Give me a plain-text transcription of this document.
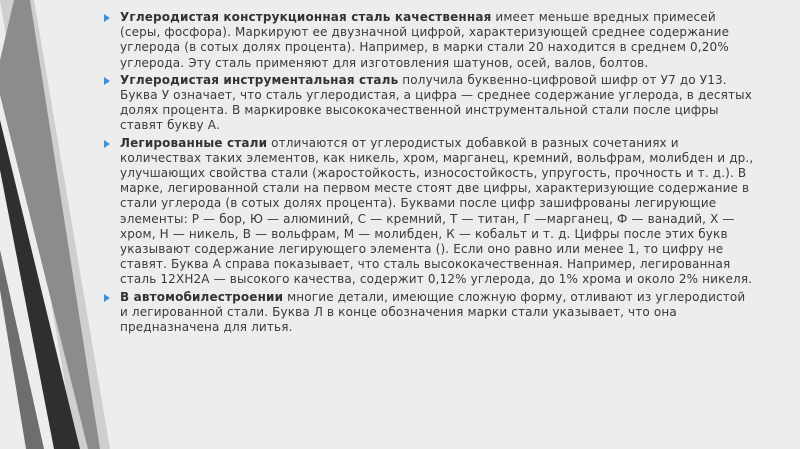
Углеродистая конструкционная сталь качественная имеет меньше вредных примесей (серы, фосфора). Маркируют ее двузначной цифрой, характеризующей среднее содержание углерода (в сотых долях процента). Например, в марки стали 20 находится в среднем 0,20% углерода. Эту сталь применяют для изготовления шатунов, осей, валов, болтов.
Углеродистая инструментальная сталь получила буквенно-цифровой шифр от У7 до У13. Буква У означает, что сталь углеродистая, а цифра — среднее содержание углерода, в десятых долях процента. В маркировке высококачественной инструментальной стали после цифры ставят букву А.
Легированные стали отличаются от углеродистых добавкой в разных сочетаниях и количествах таких элементов, как никель, хром, марганец, кремний, вольфрам, молибден и др., улучшающих свойства стали (жаростойкость, износостойкость, упругость, прочность и т. д.). В марке, легированной стали на первом месте стоят две цифры, характеризующие содержание в стали углерода (в сотых долях процента). Буквами после цифр зашифрованы легирующие элементы: Р — бор, Ю — алюминий, С — кремний, Т — титан, Г —марганец, Ф — ванадий, Х — хром, Н — никель, В — вольфрам, М — молибден, К — кобальт и т. д. Цифры после этих букв указывают содержание легирующего элемента (). Если оно равно или менее 1, то цифру не ставят. Буква А справа показывает, что сталь высококачественная. Например, легированная сталь 12ХН2А — высокого качества, содержит 0,12% углерода, до 1% хрома и около 2% никеля.
В автомобилестроении многие детали, имеющие сложную форму, отливают из углеродистой и легированной стали. Буква Л в конце обозначения марки стали указывает, что она предназначена для литья.
